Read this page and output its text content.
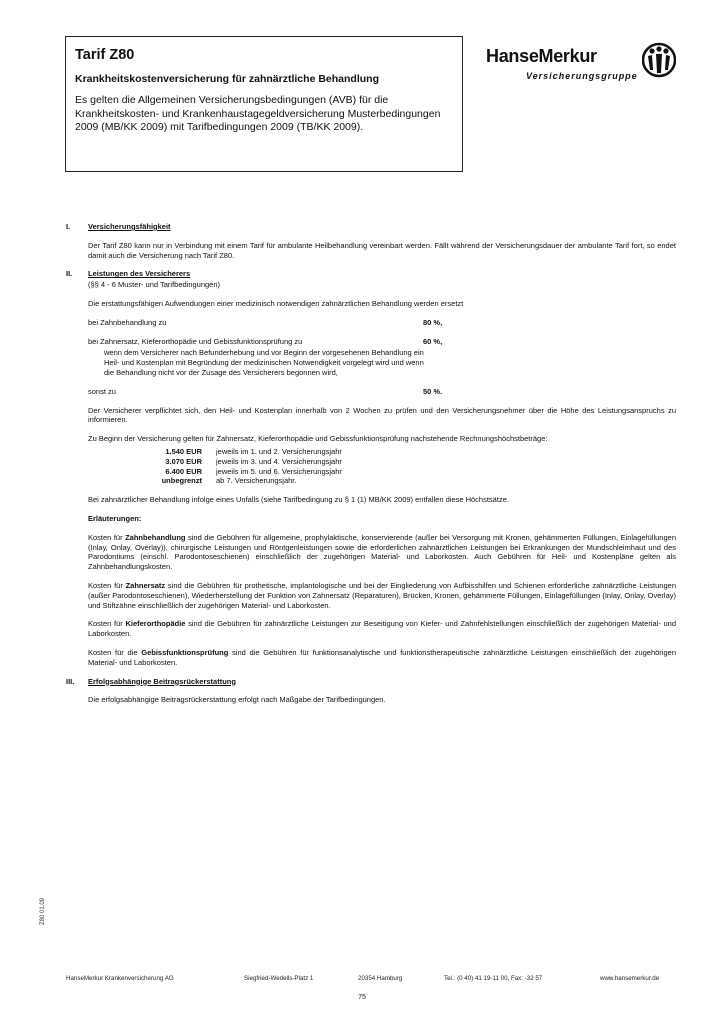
Tarif Z80
Krankheitskostenversicherung für zahnärztliche Behandlung
Es gelten die Allgemeinen Versicherungsbedingungen (AVB) für die Krankheitskosten- und Krankenhaustagegeldversicherung Musterbedingungen 2009 (MB/KK 2009) mit Tarifbedingungen 2009 (TB/KK 2009).
HanseMerkur
Versicherungsgruppe
I.	Versicherungsfähigkeit
Der Tarif Z80 kann nur in Verbindung mit einem Tarif für ambulante Heilbehandlung vereinbart werden. Fällt während der Versicherungsdauer der ambulante Tarif fort, so endet damit auch die Versicherung nach Tarif Z80.
II.	Leistungen des Versicherers
(§§ 4 - 6 Muster- und Tarifbedingungen)
Die erstattungsfähigen Aufwendungen einer medizinisch notwendigen zahnärztlichen Behandlung werden ersetzt
bei Zahnbehandlung zu	80 %,
bei Zahnersatz, Kieferorthopädie und Gebissfunktionsprüfung zu	60 %,
wenn dem Versicherer nach Befunderhebung und vor Beginn der vorgesehenen Behandlung ein Heil- und Kostenplan mit Begründung der medizinischen Notwendigkeit vorgelegt wird und wenn die Behandlung nicht vor der Zusage des Versicherers begonnen wird,
sonst zu	50 %.
Der Versicherer verpflichtet sich, den Heil- und Kostenplan innerhalb von 2 Wochen zu prüfen und den Versicherungsnehmer über die Höhe des Leistungsanspruchs zu informieren.
Zu Beginn der Versicherung gelten für Zahnersatz, Kieferorthopädie und Gebissfunktionsprüfung nachstehende Rechnungshöchstbeträge:
1.540 EUR	jeweils im 1. und 2. Versicherungsjahr
3.070 EUR	jeweils im 3. und 4. Versicherungsjahr
6.400 EUR	jeweils im 5. und 6. Versicherungsjahr
unbegrenzt	ab 7. Versicherungsjahr.
Bei zahnärztlicher Behandlung infolge eines Unfalls (siehe Tarifbedingung zu § 1 (1) MB/KK 2009) entfallen diese Höchstsätze.
Erläuterungen:
Kosten für Zahnbehandlung sind die Gebühren für allgemeine, prophylaktische, konservierende (außer bei Versorgung mit Kronen, gehämmerten Füllungen, Einlagefüllungen (Inlay, Onlay, Overlay)), chirurgische Leistungen und Röntgenleistungen sowie die erforderlichen zahnärztlichen Leistungen bei Erkrankungen der Mundschleimhaut und des Parodontiums (einschl. Parodontoseschienen) einschließlich der zugehörigen Material- und Laborkosten. Auch Gebühren für Heil- und Kostenpläne gelten als Zahnbehandlungskosten.
Kosten für Zahnersatz sind die Gebühren für prothetische, implantologische und bei der Eingliederung von Aufbisshilfen und Schienen erforderliche zahnärztliche Leistungen (außer Parodontoseschienen), Wiederherstellung der Funktion von Zahnersatz (Reparaturen), Brücken, Kronen, gehämmerte Füllungen, Einlagefüllungen (Inlay, Onlay, Overlay) und Stiftzähne einschließlich der zugehörigen Material- und Laborkosten.
Kosten für Kieferorthopädie sind die Gebühren für zahnärztliche Leistungen zur Beseitigung von Kiefer- und Zahnfehlstellungen einschließlich der zugehörigen Material- und Laborkosten.
Kosten für die Gebissfunktionsprüfung sind die Gebühren für funktionsanalytische und funktionstherapeutische zahnärztliche Leistungen einschließlich der zugehörigen Material- und Laborkosten.
III.	Erfolgsabhängige Beitragsrückerstattung
Die erfolgsabhängige Beitragsrückerstattung erfolgt nach Maßgabe der Tarifbedingungen.
Z80 01.09
HanseMerkur Krankenversicherung AG	Siegfried-Wedells-Platz 1	20354 Hamburg	Tel.: (0 40) 41 19-11 00, Fax: -32 57	www.hansemerkur.de
75
